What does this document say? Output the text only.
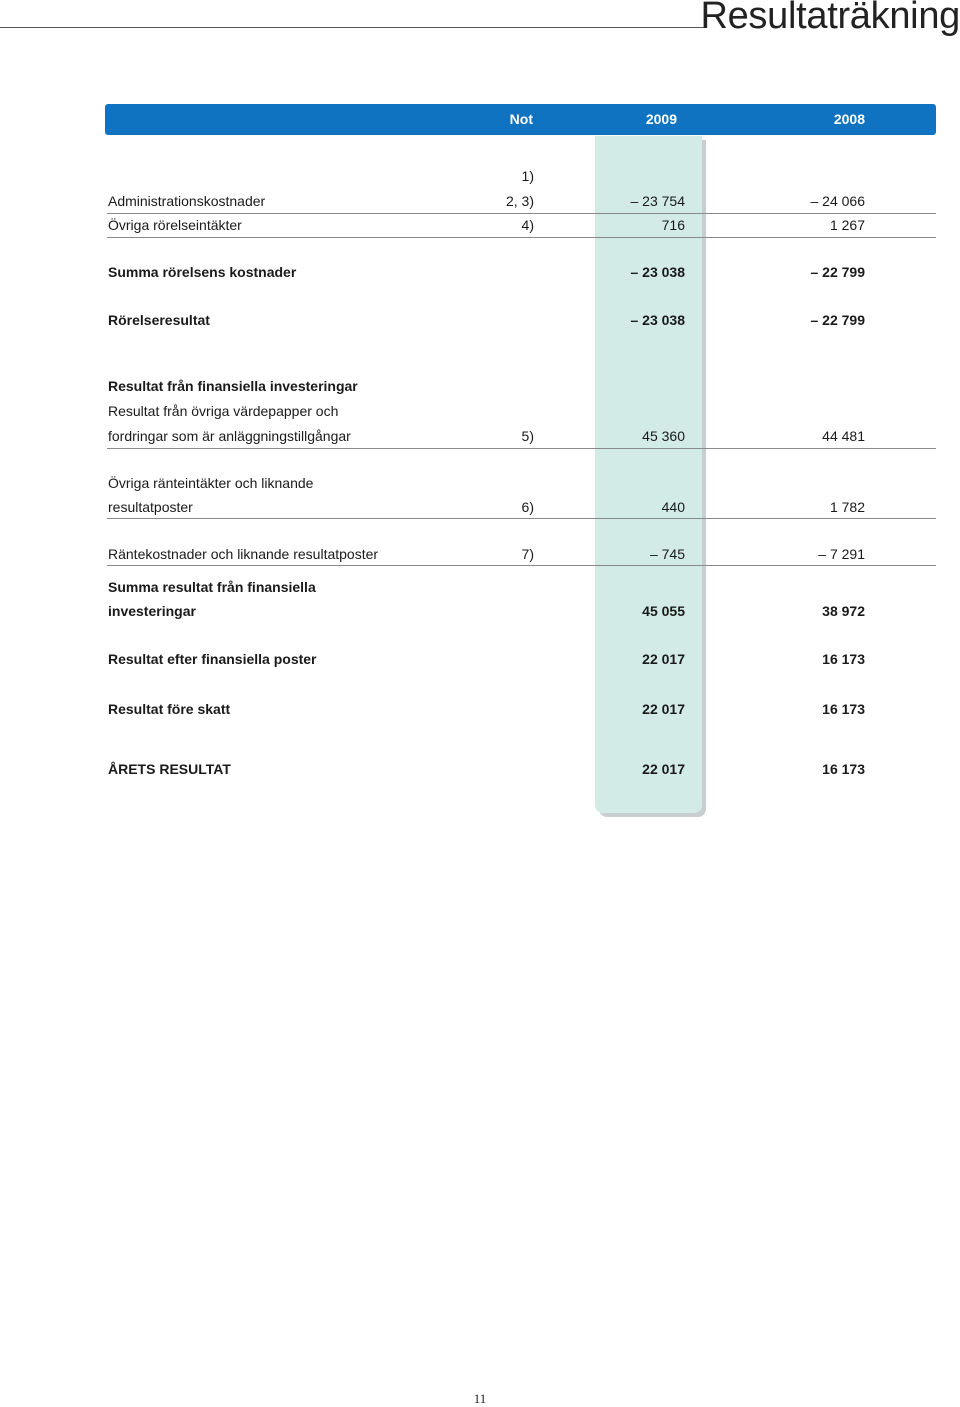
Resultaträkning
Not	2009	2008
1)
Administrationskostnader	2, 3)	– 23 754	– 24 066
Övriga rörelseintäkter	4)	716	1 267
Summa rörelsens kostnader	– 23 038	– 22 799
Rörelseresultat	– 23 038	– 22 799
Resultat från finansiella investeringar
Resultat från övriga värdepapper och
fordringar som är anläggningstillgångar	5)	45 360	44 481
Övriga ränteintäkter och liknande
resultatposter	6)	440	1 782
Räntekostnader och liknande resultatposter	7)	– 745	– 7 291
Summa resultat från finansiella
investeringar	45 055	38 972
Resultat efter finansiella poster	22 017	16 173
Resultat före skatt	22 017	16 173
ÅRETS RESULTAT	22 017	16 173
11
